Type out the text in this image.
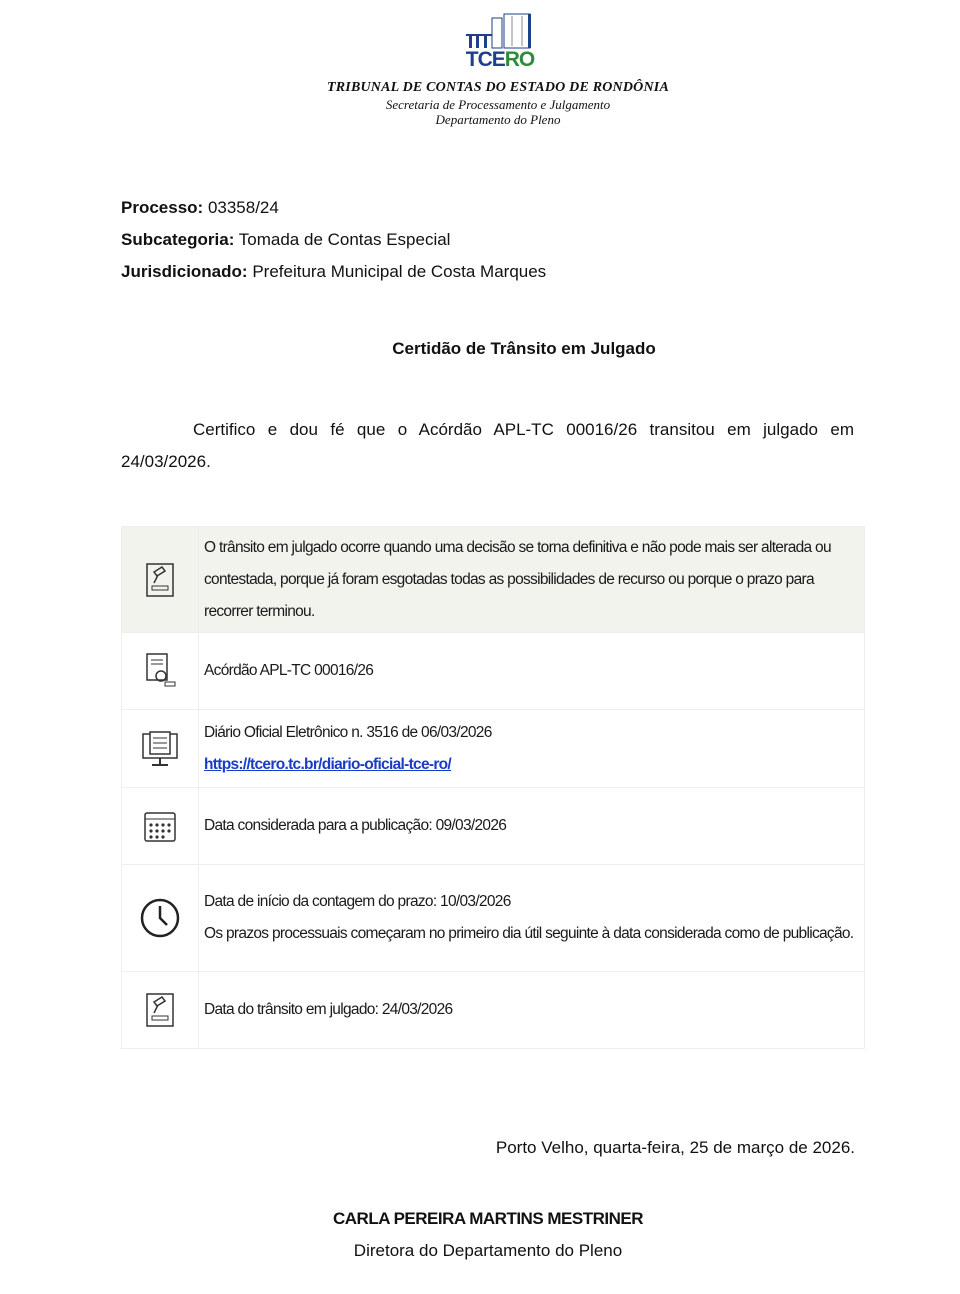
TCERO
TRIBUNAL DE CONTAS DO ESTADO DE RONDÔNIA
Secretaria de Processamento e Julgamento
Departamento do Pleno
Processo: 03358/24
Subcategoria: Tomada de Contas Especial
Jurisdicionado: Prefeitura Municipal de Costa Marques
Certidão de Trânsito em Julgado
Certifico e dou fé que o Acórdão APL-TC 00016/26 transitou em julgado em 24/03/2026.
O trânsito em julgado ocorre quando uma decisão se torna definitiva e não pode mais ser alterada ou contestada, porque já foram esgotadas todas as possibilidades de recurso ou porque o prazo para recorrer terminou.
Acórdão APL-TC 00016/26
Diário Oficial Eletrônico n. 3516 de 06/03/2026
https://tcero.tc.br/diario-oficial-tce-ro/
Data considerada para a publicação: 09/03/2026
Data de início da contagem do prazo: 10/03/2026
Os prazos processuais começaram no primeiro dia útil seguinte à data considerada como de publicação.
Data do trânsito em julgado: 24/03/2026
Porto Velho, quarta-feira, 25 de março de 2026.
CARLA PEREIRA MARTINS MESTRINER
Diretora do Departamento do Pleno
